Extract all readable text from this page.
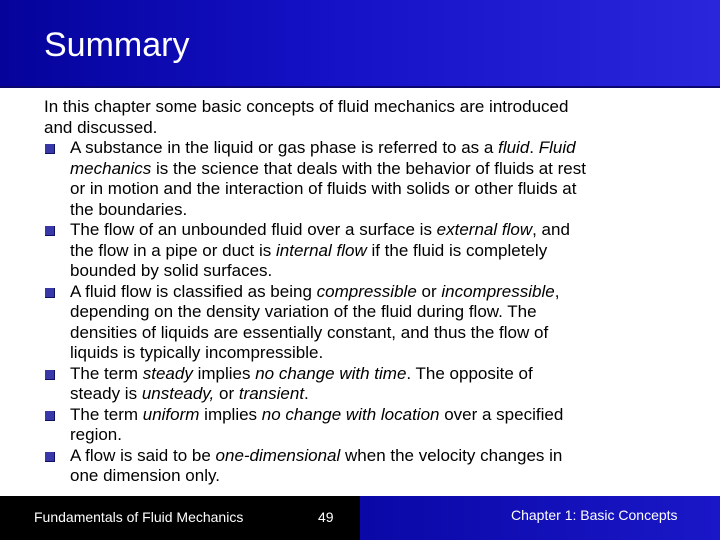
Summary

In this chapter some basic concepts of fluid mechanics are introduced
and discussed.

A substance in the liquid or gas phase is referred to as a fluid. Fluid
mechanics is the science that deals with the behavior of fluids at rest
or in motion and the interaction of fluids with solids or other fluids at
the boundaries.
The flow of an unbounded fluid over a surface is external flow, and
the flow in a pipe or duct is internal flow if the fluid is completely
bounded by solid surfaces.
A fluid flow is classified as being compressible or incompressible,
depending on the density variation of the fluid during flow. The
densities of liquids are essentially constant, and thus the flow of
liquids is typically incompressible.
The term steady implies no change with time. The opposite of
steady is unsteady, or transient.
The term uniform implies no change with location over a specified
region.
A flow is said to be one-dimensional when the velocity changes in
one dimension only.
Fundamentals of Fluid Mechanics	49	Chapter 1: Basic Concepts
